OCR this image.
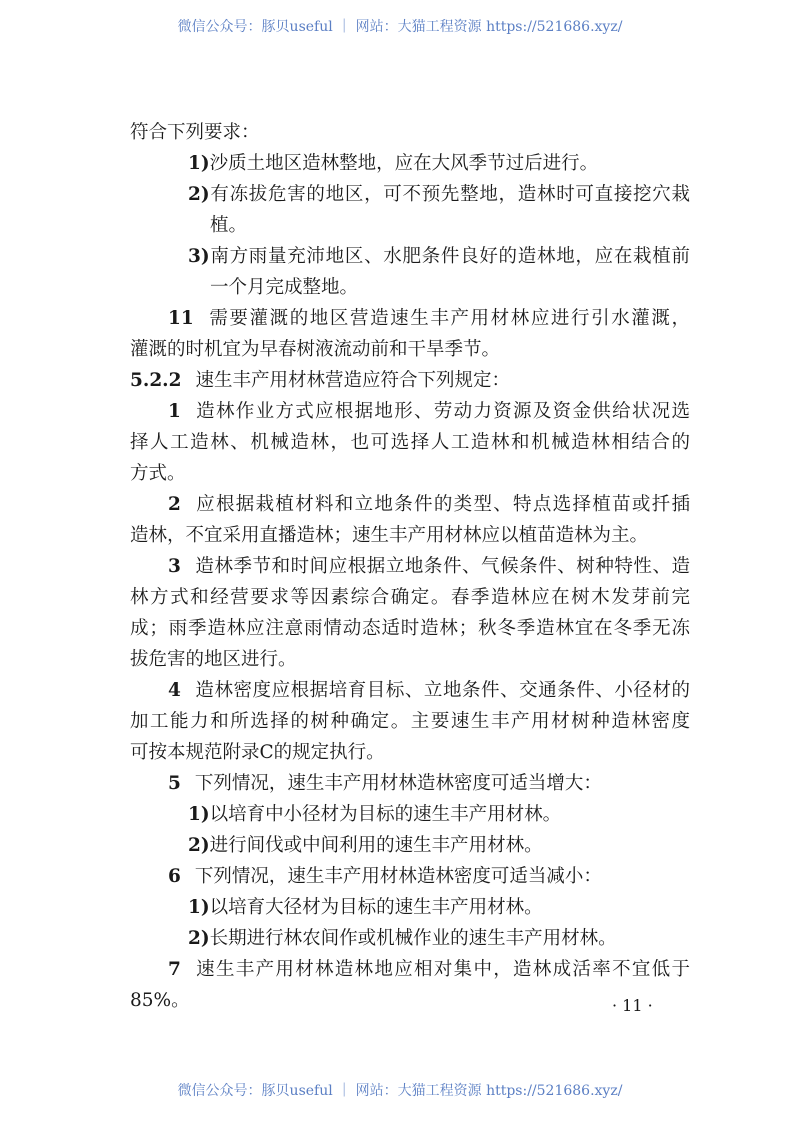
微信公众号：豚贝useful ｜ 网站：大猫工程资源 https://521686.xyz/
符合下列要求：
1)沙质土地区造林整地，应在大风季节过后进行。
2)有冻拔危害的地区，可不预先整地，造林时可直接挖穴栽
植。
3)南方雨量充沛地区、水肥条件良好的造林地，应在栽植前
一个月完成整地。
11 需要灌溉的地区营造速生丰产用材林应进行引水灌溉，
灌溉的时机宜为早春树液流动前和干旱季节。
5.2.2 速生丰产用材林营造应符合下列规定：
1 造林作业方式应根据地形、劳动力资源及资金供给状况选
择人工造林、机械造林，也可选择人工造林和机械造林相结合的
方式。
2 应根据栽植材料和立地条件的类型、特点选择植苗或扦插
造林，不宜采用直播造林；速生丰产用材林应以植苗造林为主。
3 造林季节和时间应根据立地条件、气候条件、树种特性、造
林方式和经营要求等因素综合确定。春季造林应在树木发芽前完
成；雨季造林应注意雨情动态适时造林；秋冬季造林宜在冬季无冻
拔危害的地区进行。
4 造林密度应根据培育目标、立地条件、交通条件、小径材的
加工能力和所选择的树种确定。主要速生丰产用材树种造林密度
可按本规范附录C的规定执行。
5 下列情况，速生丰产用材林造林密度可适当增大：
1)以培育中小径材为目标的速生丰产用材林。
2)进行间伐或中间利用的速生丰产用材林。
6 下列情况，速生丰产用材林造林密度可适当减小：
1)以培育大径材为目标的速生丰产用材林。
2)长期进行林农间作或机械作业的速生丰产用材林。
7 速生丰产用材林造林地应相对集中，造林成活率不宜低于
85%。	· 11 ·
微信公众号：豚贝useful ｜ 网站：大猫工程资源 https://521686.xyz/
